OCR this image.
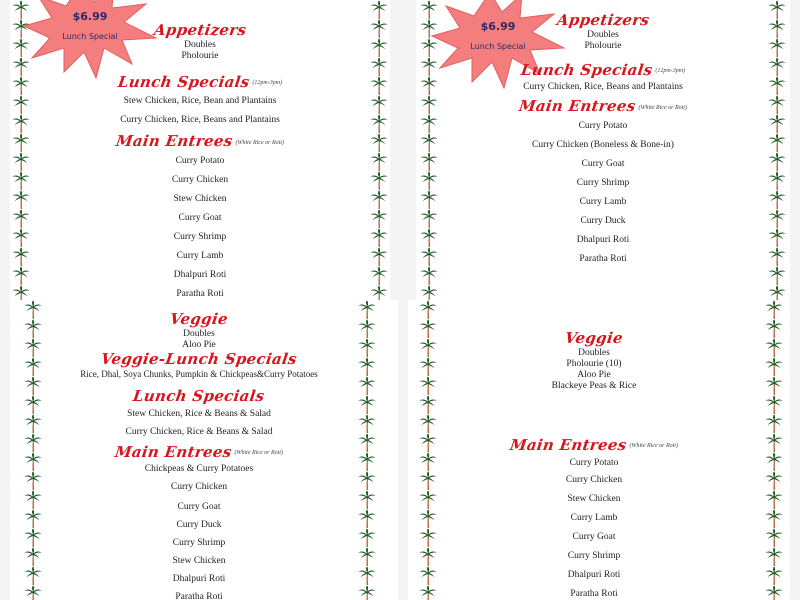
$6.99
Lunch Special	Appetizers
Doubles
Pholourie
Lunch Specials (12pm-3pm)
Stew Chicken, Rice, Bean and Plantains
Curry Chicken, Rice, Beans and Plantains
Main Entrees (White Rice or Roti)
Curry Potato
Curry Chicken
Stew Chicken
Curry Goat
Curry Shrimp
Curry Lamb
Dhalpuri Roti
Paratha Roti
$6.99
Lunch Special
Appetizers
Doubles
Pholourie
Lunch Specials (12pm-3pm)
Curry Chicken, Rice, Beans and Plantains
Main Entrees (White Rice or Roti)
Curry Potato
Curry Chicken (Boneless & Bone-in)
Curry Goat
Curry Shrimp
Curry Lamb
Curry Duck
Dhalpuri Roti
Paratha Roti
Veggie
Doubles
Aloo Pie
Veggie-Lunch Specials
Rice, Dhal, Soya Chunks, Pumpkin & Chickpeas&Curry Potatoes
Lunch Specials
Stew Chicken, Rice & Beans & Salad
Curry Chicken, Rice & Beans & Salad
Main Entrees (White Rice or Roti)
Chickpeas & Curry Potatoes
Curry Chicken
Curry Goat
Curry Duck
Curry Shrimp
Stew Chicken
Dhalpuri Roti
Paratha Roti
Veggie
Doubles
Pholourie (10)
Aloo Pie
Blackeye Peas & Rice
Main Entrees (White Rice or Roti)
Curry Potato
Curry Chicken
Stew Chicken
Curry Lamb
Curry Goat
Curry Shrimp
Dhalpuri Roti
Paratha Roti
